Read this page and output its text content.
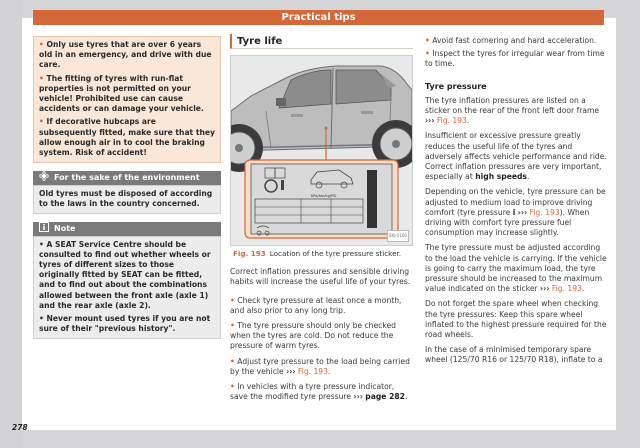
Practical tips

• Only use tyres that are over 6 years old in an emergency, and drive with due care.

• The fitting of tyres with run-flat properties is not permitted on your vehicle! Prohibited use can cause accidents or can damage your vehicle.

• If decorative hubcaps are subsequently fitted, make sure that they allow enough air in to cool the braking system. Risk of accident!

For the sake of the environment
Old tyres must be disposed of according to the laws in the country concerned.
Note

• A SEAT Service Centre should be consulted to find out whether wheels or tyres of different sizes to those originally fitted by SEAT can be fitted, and to find out about the combinations allowed between the front axle (axle 1) and the rear axle (axle 2).

• Never mount used tyres if you are not sure of their "previous history".

Tyre life
KPa/bar/kg/PSI
BKJ-0160
Fig. 193 Location of the tyre pressure sticker.

Correct inflation pressures and sensible driving habits will increase the useful life of your tyres.

• Check tyre pressure at least once a month, and also prior to any long trip.

• The tyre pressure should only be checked when the tyres are cold. Do not reduce the pressure of warm tyres.

• Adjust tyre pressure to the load being carried by the vehicle ››› Fig. 193.

• In vehicles with a tyre pressure indicator, save the modified tyre pressure ››› page 282.

• Avoid fast cornering and hard acceleration.

• Inspect the tyres for irregular wear from time to time.

Tyre pressure

The tyre inflation pressures are listed on a sticker on the rear of the front left door frame ››› Fig. 193.

Insufficient or excessive pressure greatly reduces the useful life of the tyres and adversely affects vehicle performance and ride. Correct inflation pressures are very important, especially at high speeds.

Depending on the vehicle, tyre pressure can be adjusted to medium load to improve driving comfort (tyre pressure i ››› Fig. 193). When driving with comfort tyre pressure fuel consumption may increase slightly.

The tyre pressure must be adjusted according to the load the vehicle is carrying. If the vehicle is going to carry the maximum load, the tyre pressure should be increased to the maximum value indicated on the sticker ››› Fig. 193.

Do not forget the spare wheel when checking the tyre pressures: Keep this spare wheel inflated to the highest pressure required for the road wheels.

In the case of a minimised temporary spare wheel (125/70 R16 or 125/70 R18), inflate to a

278
